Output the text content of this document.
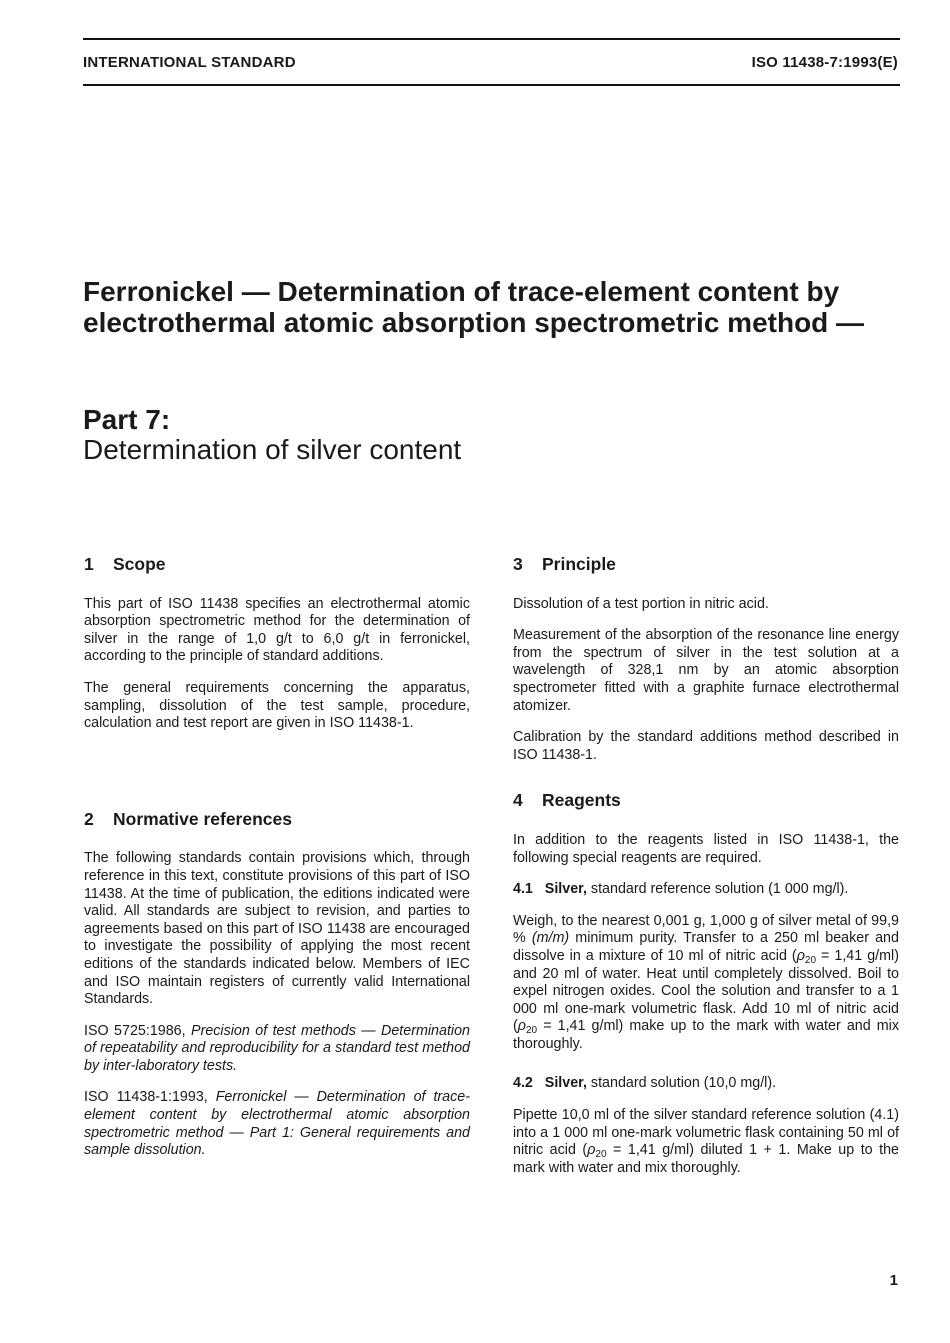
INTERNATIONAL STANDARD	ISO 11438-7:1993(E)
Ferronickel — Determination of trace-element content by electrothermal atomic absorption spectrometric method —
Part 7:
Determination of silver content
1	Scope

This part of ISO 11438 specifies an electrothermal atomic absorption spectrometric method for the determination of silver in the range of 1,0 g/t to 6,0 g/t in ferronickel, according to the principle of standard additions.

The general requirements concerning the apparatus, sampling, dissolution of the test sample, procedure, calculation and test report are given in ISO 11438-1.

2	Normative references

The following standards contain provisions which, through reference in this text, constitute provisions of this part of ISO 11438. At the time of publication, the editions indicated were valid. All standards are subject to revision, and parties to agreements based on this part of ISO 11438 are encouraged to investigate the possibility of applying the most recent editions of the standards indicated below. Members of IEC and ISO maintain registers of currently valid International Standards.

ISO 5725:1986, Precision of test methods — Determination of repeatability and reproducibility for a standard test method by inter-laboratory tests.

ISO 11438-1:1993, Ferronickel — Determination of trace-element content by electrothermal atomic absorption spectrometric method — Part 1: General requirements and sample dissolution.

3	Principle

Dissolution of a test portion in nitric acid.

Measurement of the absorption of the resonance line energy from the spectrum of silver in the test solution at a wavelength of 328,1 nm by an atomic absorption spectrometer fitted with a graphite furnace electrothermal atomizer.

Calibration by the standard additions method described in ISO 11438-1.

4	Reagents

In addition to the reagents listed in ISO 11438-1, the following special reagents are required.

4.1 Silver, standard reference solution (1 000 mg/l).

Weigh, to the nearest 0,001 g, 1,000 g of silver metal of 99,9 % (m/m) minimum purity. Transfer to a 250 ml beaker and dissolve in a mixture of 10 ml of nitric acid ($\rho_{20} = 1,41$ g/ml) and 20 ml of water. Heat until completely dissolved. Boil to expel nitrogen oxides. Cool the solution and transfer to a 1 000 ml one-mark volumetric flask. Add 10 ml of nitric acid ($\rho_{20} = 1,41$ g/ml) make up to the mark with water and mix thoroughly.

4.2 Silver, standard solution (10,0 mg/l).

Pipette 10,0 ml of the silver standard reference solution (4.1) into a 1 000 ml one-mark volumetric flask containing 50 ml of nitric acid ($\rho_{20} = 1,41$ g/ml) diluted 1 + 1. Make up to the mark with water and mix thoroughly.

1
